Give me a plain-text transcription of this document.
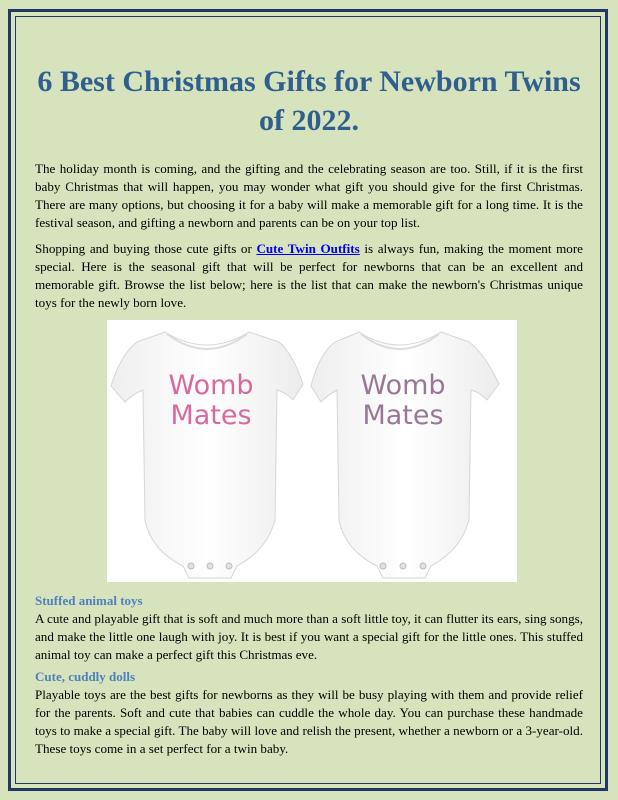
6 Best Christmas Gifts for Newborn Twins of 2022.

The holiday month is coming, and the gifting and the celebrating season are too. Still, if it is the first baby Christmas that will happen, you may wonder what gift you should give for the first Christmas. There are many options, but choosing it for a baby will make a memorable gift for a long time. It is the festival season, and gifting a newborn and parents can be on your top list.

Shopping and buying those cute gifts or Cute Twin Outfits is always fun, making the moment more special. Here is the seasonal gift that will be perfect for newborns that can be an excellent and memorable gift. Browse the list below; here is the list that can make the newborn's Christmas unique toys for the newly born love.

Womb
Mates
Womb
Mates
Stuffed animal toys

A cute and playable gift that is soft and much more than a soft little toy, it can flutter its ears, sing songs, and make the little one laugh with joy. It is best if you want a special gift for the little ones. This stuffed animal toy can make a perfect gift this Christmas eve.

Cute, cuddly dolls

Playable toys are the best gifts for newborns as they will be busy playing with them and provide relief for the parents. Soft and cute that babies can cuddle the whole day. You can purchase these handmade toys to make a special gift. The baby will love and relish the present, whether a newborn or a 3-year-old. These toys come in a set perfect for a twin baby.
